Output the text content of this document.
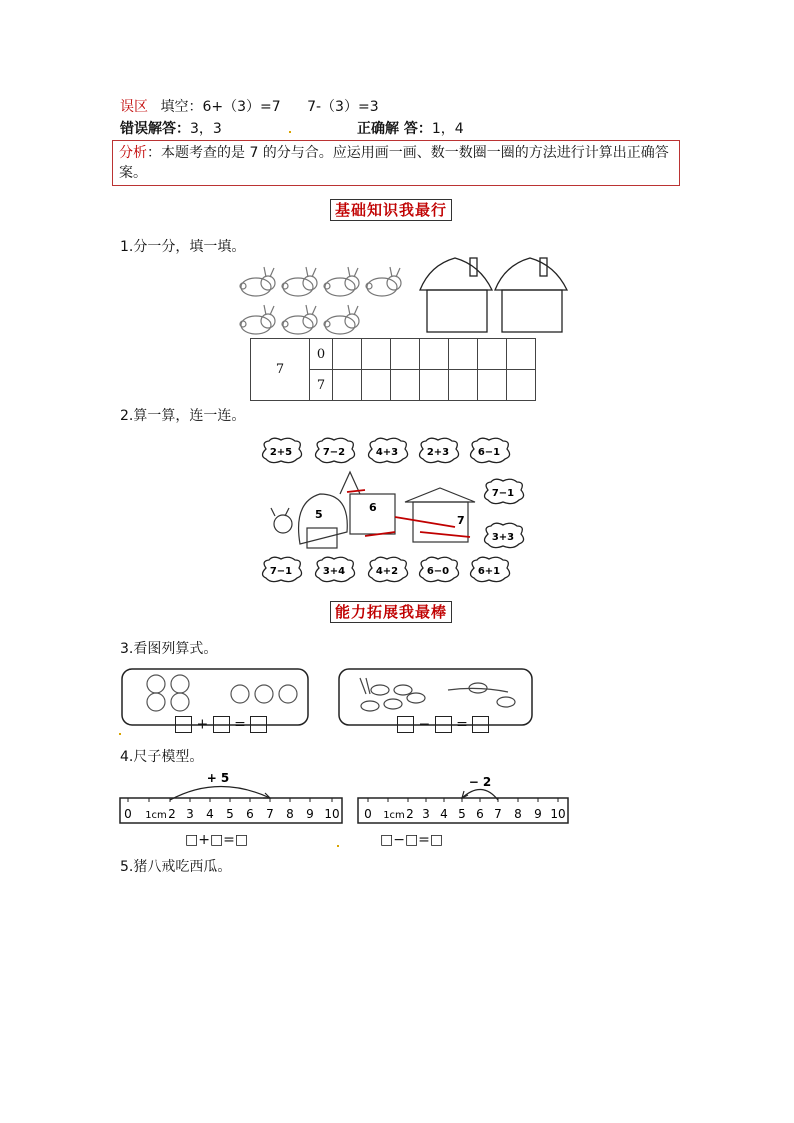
误区 填空：6+（3）=7 7-（3）=3
错误解答：3，3	正确解 答：1，4
分析：本题考查的是 7 的分与合。应运用画一画、数一数圈一圈的方法进行计算出正确答案。
基础知识我最行
1.分一分，填一填。
7	0							
	7							
2.算一算，连一连。
2+5	7−2	4+3	2+3	6−1
7−1
3+3
5
6
7
7−1	3+4	4+2	6−0	6+1
能力拓展我最棒
3.看图列算式。
+ =	− =
4.尺子模型。
0 1cm 2 3 4 5 6 7 8 9 10
+ 5
0 1cm 2 3 4 5 6 7 8 9 10
− 2
□+□=□	□−□=□
5.猪八戒吃西瓜。
